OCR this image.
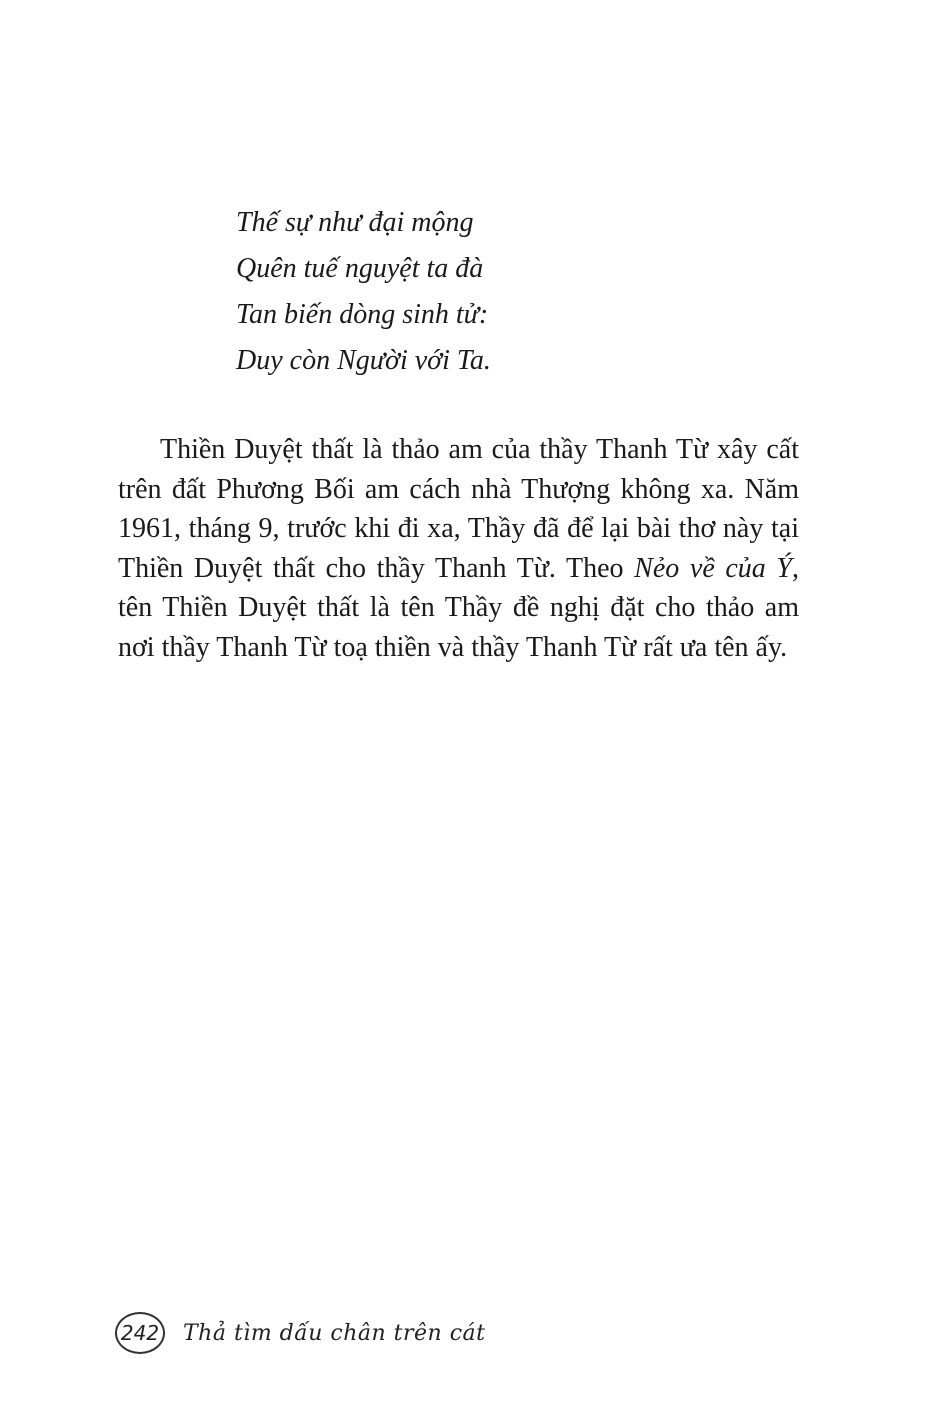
Thế sự như đại mộng
Quên tuế nguyệt ta đà
Tan biến dòng sinh tử:
Duy còn Người với Ta.

Thiền Duyệt thất là thảo am của thầy Thanh Từ xây cất trên đất Phương Bối am cách nhà Thượng không xa. Năm 1961, tháng 9, trước khi đi xa, Thầy đã để lại bài thơ này tại Thiền Duyệt thất cho thầy Thanh Từ. Theo Nẻo về của Ý, tên Thiền Duyệt thất là tên Thầy đề nghị đặt cho thảo am nơi thầy Thanh Từ toạ thiền và thầy Thanh Từ rất ưa tên ấy.

242 Thả tìm dấu chân trên cát
